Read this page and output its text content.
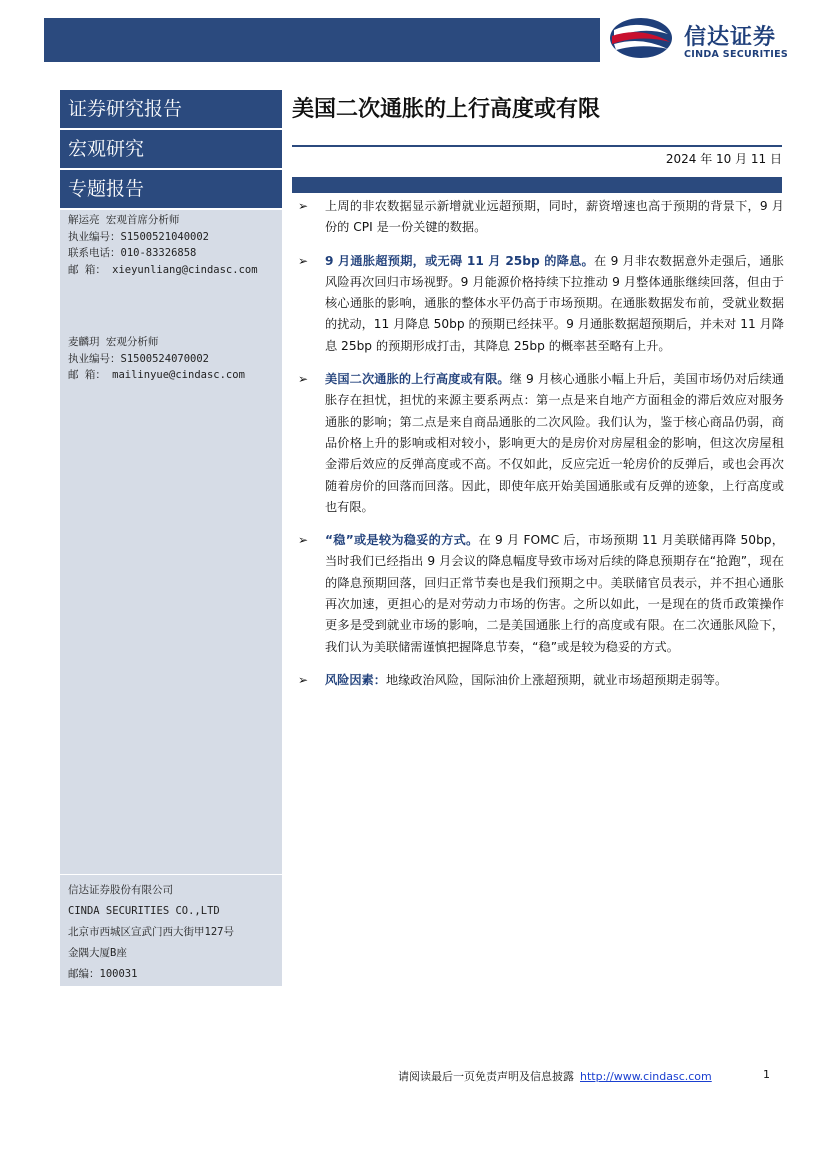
信达证券
CINDA SECURITIES
证券研究报告
宏观研究
专题报告
解运亮 宏观首席分析师
执业编号：S1500521040002
联系电话：010-83326858
邮 箱： xieyunliang@cindasc.com
麦麟玥 宏观分析师
执业编号：S1500524070002
邮 箱： mailinyue@cindasc.com
信达证券股份有限公司
CINDA SECURITIES CO.,LTD
北京市西城区宣武门西大街甲127号
金隅大厦B座
邮编：100031
美国二次通胀的上行高度或有限
2024 年 10 月 11 日
➢ 上周的非农数据显示新增就业远超预期，同时，薪资增速也高于预期的背景下，9 月份的 CPI 是一份关键的数据。
➢ 9 月通胀超预期，或无碍 11 月 25bp 的降息。在 9 月非农数据意外走强后，通胀风险再次回归市场视野。9 月能源价格持续下拉推动 9 月整体通胀继续回落，但由于核心通胀的影响，通胀的整体水平仍高于市场预期。在通胀数据发布前，受就业数据的扰动，11 月降息 50bp 的预期已经抹平。9 月通胀数据超预期后，并未对 11 月降息 25bp 的预期形成打击，其降息 25bp 的概率甚至略有上升。
➢ 美国二次通胀的上行高度或有限。继 9 月核心通胀小幅上升后，美国市场仍对后续通胀存在担忧，担忧的来源主要系两点：第一点是来自地产方面租金的滞后效应对服务通胀的影响；第二点是来自商品通胀的二次风险。我们认为，鉴于核心商品仍弱，商品价格上升的影响或相对较小，影响更大的是房价对房屋租金的影响，但这次房屋租金滞后效应的反弹高度或不高。不仅如此，反应完近一轮房价的反弹后，或也会再次随着房价的回落而回落。因此，即使年底开始美国通胀或有反弹的迹象，上行高度或也有限。
➢ “稳”或是较为稳妥的方式。在 9 月 FOMC 后，市场预期 11 月美联储再降 50bp，当时我们已经指出 9 月会议的降息幅度导致市场对后续的降息预期存在“抢跑”，现在的降息预期回落，回归正常节奏也是我们预期之中。美联储官员表示，并不担心通胀再次加速，更担心的是对劳动力市场的伤害。之所以如此，一是现在的货币政策操作更多是受到就业市场的影响，二是美国通胀上行的高度或有限。在二次通胀风险下，我们认为美联储需谨慎把握降息节奏，“稳”或是较为稳妥的方式。
➢ 风险因素：地缘政治风险，国际油价上涨超预期，就业市场超预期走弱等。
请阅读最后一页免责声明及信息披露 http://www.cindasc.com	1
